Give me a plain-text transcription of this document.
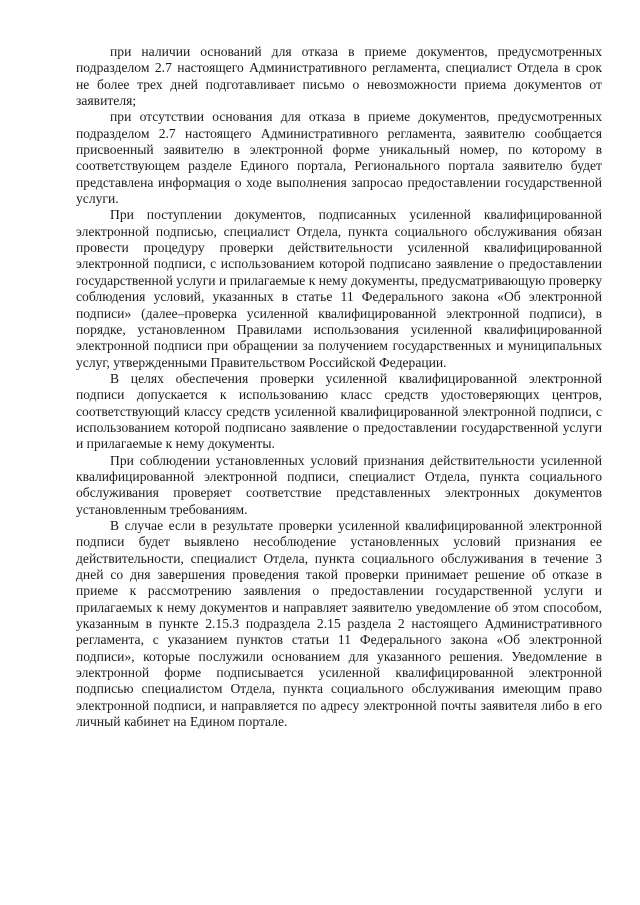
при наличии оснований для отказа в приеме документов, предусмотренных подразделом 2.7 настоящего Административного регламента, специалист Отдела в срок не более трех дней подготавливает письмо о невозможности приема документов от заявителя;

при отсутствии основания для отказа в приеме документов, предусмотренных подразделом 2.7 настоящего Административного регламента, заявителю сообщается присвоенный заявителю в электронной форме уникальный номер, по которому в соответствующем разделе Единого портала, Регионального портала заявителю будет представлена информация о ходе выполнения запросао предоставлении государственной услуги.

При поступлении документов, подписанных усиленной квалифицированной электронной подписью, специалист Отдела, пункта социального обслуживания обязан провести процедуру проверки действительности усиленной квалифицированной электронной подписи, с использованием которой подписано заявление о предоставлении государственной услуги и прилагаемые к нему документы, предусматривающую проверку соблюдения условий, указанных в статье 11 Федерального закона «Об электронной подписи» (далее–проверка усиленной квалифицированной электронной подписи), в порядке, установленном Правилами использования усиленной квалифицированной электронной подписи при обращении за получением государственных и муниципальных услуг, утвержденными Правительством Российской Федерации.

В целях обеспечения проверки усиленной квалифицированной электронной подписи допускается к использованию класс средств удостоверяющих центров, соответствующий классу средств усиленной квалифицированной электронной подписи, с использованием которой подписано заявление о предоставлении государственной услуги и прилагаемые к нему документы.

При соблюдении установленных условий признания действительности усиленной квалифицированной электронной подписи, специалист Отдела, пункта социального обслуживания проверяет соответствие представленных электронных документов установленным требованиям.

В случае если в результате проверки усиленной квалифицированной электронной подписи будет выявлено несоблюдение установленных условий признания ее действительности, специалист Отдела, пункта социального обслуживания в течение 3 дней со дня завершения проведения такой проверки принимает решение об отказе в приеме к рассмотрению заявления о предоставлении государственной услуги и прилагаемых к нему документов и направляет заявителю уведомление об этом способом, указанным в пункте 2.15.3 подраздела 2.15 раздела 2 настоящего Административного регламента, с указанием пунктов статьи 11 Федерального закона «Об электронной подписи», которые послужили основанием для указанного решения. Уведомление в электронной форме подписывается усиленной квалифицированной электронной подписью специалистом Отдела, пункта социального обслуживания имеющим право электронной подписи, и направляется по адресу электронной почты заявителя либо в его личный кабинет на Едином портале.
